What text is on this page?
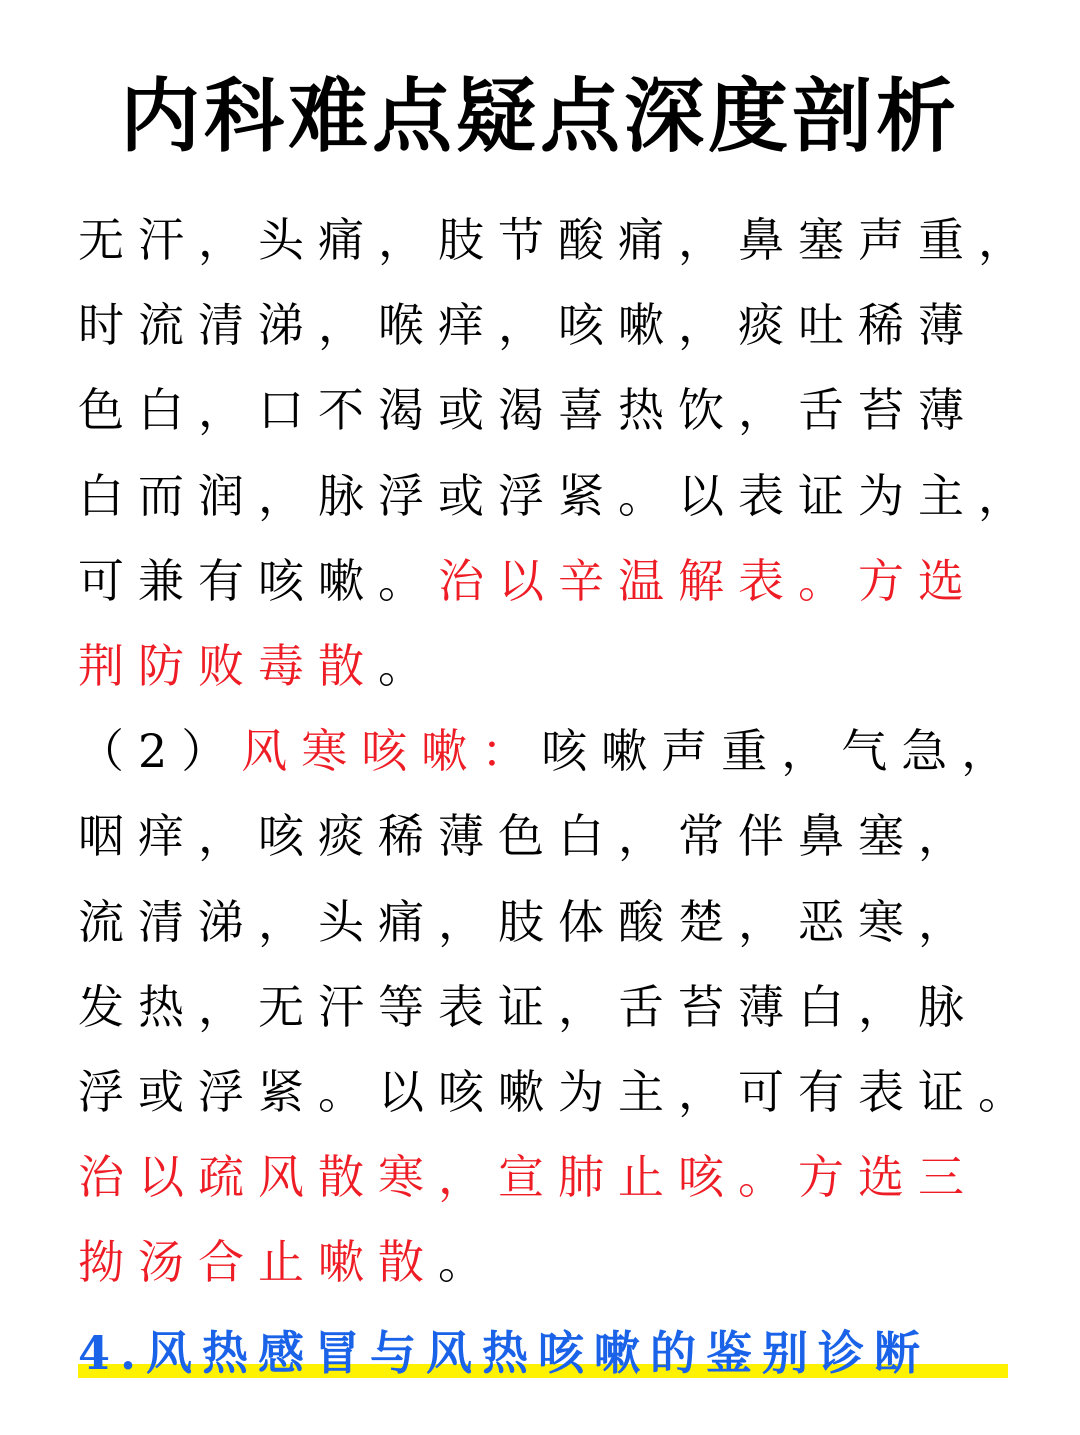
内科难点疑点深度剖析
无汗，头痛，肢节酸痛，鼻塞声重，
时流清涕，喉痒，咳嗽，痰吐稀薄
色白，口不渴或渴喜热饮，舌苔薄
白而润，脉浮或浮紧。以表证为主，
可兼有咳嗽。治以辛温解表。方选
荆防败毒散。
（2）风寒咳嗽：咳嗽声重，气急，
咽痒，咳痰稀薄色白，常伴鼻塞，
流清涕，头痛，肢体酸楚，恶寒，
发热，无汗等表证，舌苔薄白，脉
浮或浮紧。以咳嗽为主，可有表证。
治以疏风散寒，宣肺止咳。方选三
拗汤合止嗽散。
4.风热感冒与风热咳嗽的鉴别诊断
